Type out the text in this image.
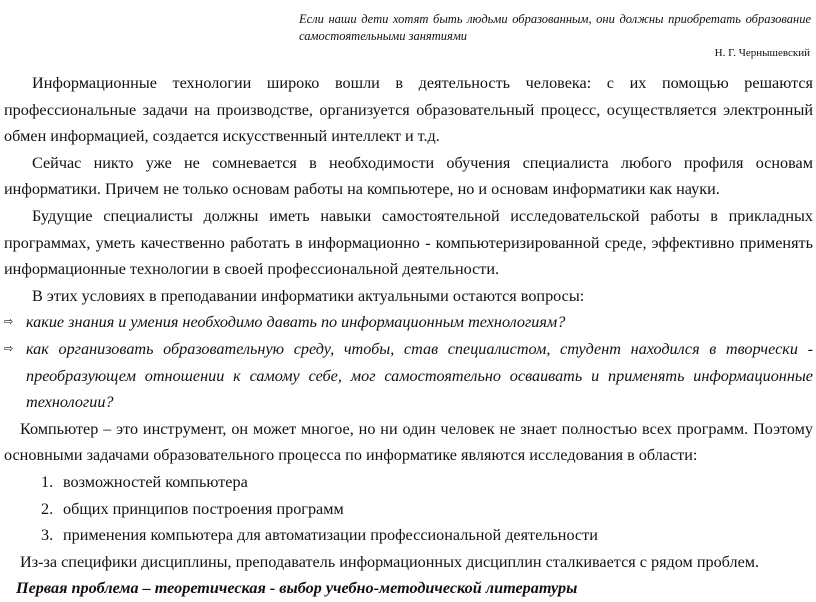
Если наши дети хотят быть людьми образованным, они должны приобретать образование самостоятельными занятиями
Н. Г. Чернышевский

Информационные технологии широко вошли в деятельность человека: с их помощью решаются профессиональные задачи на производстве, организуется образовательный процесс, осуществляется электронный обмен информацией, создается искусственный интеллект и т.д.

Сейчас никто уже не сомневается в необходимости обучения специалиста любого профиля основам информатики. Причем не только основам работы на компьютере, но и основам информатики как науки.

Будущие специалисты должны иметь навыки самостоятельной исследовательской работы в прикладных программах, уметь качественно работать в информационно - компьютеризированной среде, эффективно применять информационные технологии в своей профессиональной деятельности.

В этих условиях в преподавании информатики актуальными остаются вопросы:

⇨ какие знания и умения необходимо давать по информационным технологиям?
⇨ как организовать образовательную среду, чтобы, став специалистом, студент находился в творчески - преобразующем отношении к самому себе, мог самостоятельно осваивать и применять информационные технологии?

Компьютер – это инструмент, он может многое, но ни один человек не знает полностью всех программ. Поэтому основными задачами образовательного процесса по информатике являются исследования в области:

1. возможностей компьютера
2. общих принципов построения программ
3. применения компьютера для автоматизации профессиональной деятельности

Из-за специфики дисциплины, преподаватель информационных дисциплин сталкивается с рядом проблем.

Первая проблема – теоретическая - выбор учебно-методической литературы
